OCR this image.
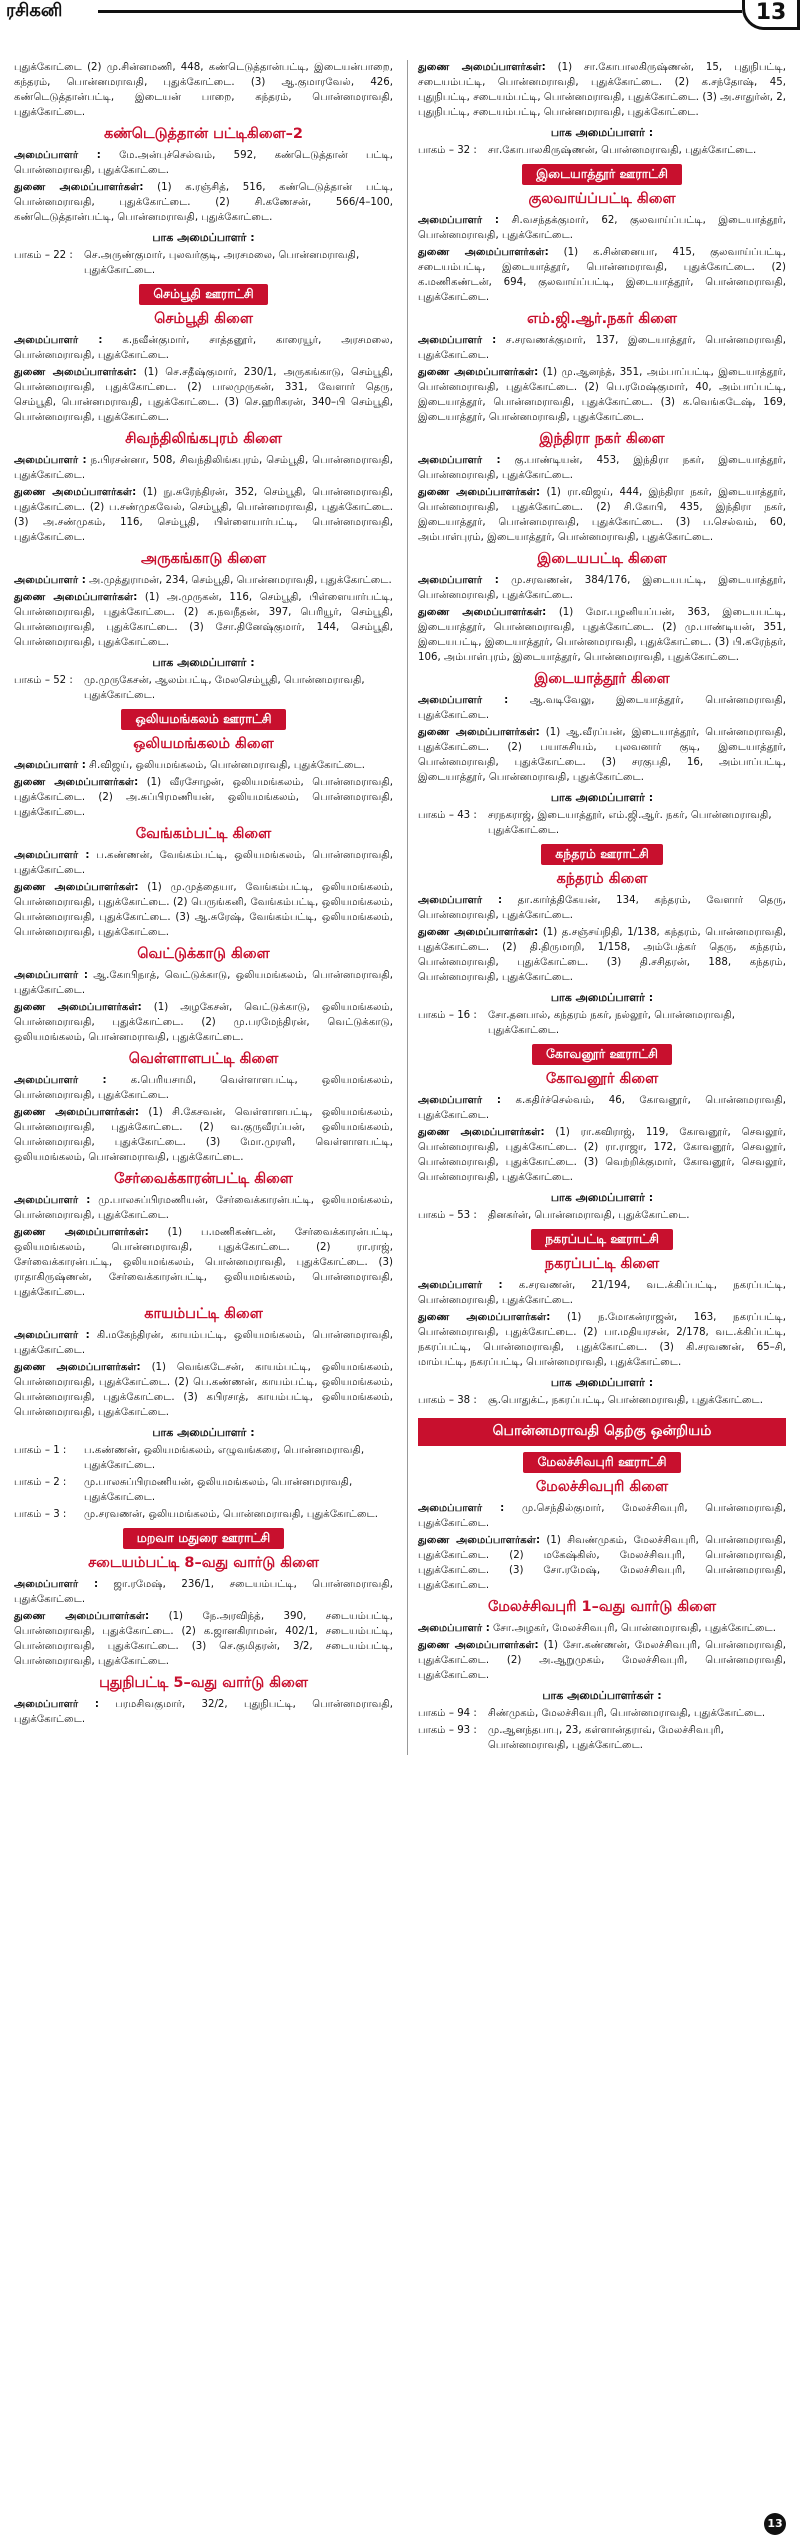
ரசிகனி	13
புதுக்கோட்டை (2) மு.சின்னமணி, 448, கண்டெடுத்தான்பட்டி, இடையன்பாறை, கந்தரம், பொன்னமராவதி, புதுக்கோட்டை. (3) ஆ.குமாரவேல், 426, கண்டெடுத்தான்பட்டி, இடையன் பாறை, கந்தரம், பொன்னமராவதி, புதுக்கோட்டை.
கண்டெடுத்தான் பட்டிகிளை–2
அமைப்பாளர் : மே.அன்புச்செல்வம், 592, கண்டெடுத்தான் பட்டி, பொன்னமராவதி, புதுக்கோட்டை.
துணை அமைப்பாளர்கள்: (1) க.ரஞ்சித், 516, கண்டெடுத்தான் பட்டி, பொன்னமராவதி, புதுக்கோட்டை. (2) சி.கணேசன், 566/4–100, கண்டெடுத்தான்பட்டி, பொன்னமராவதி, புதுக்கோட்டை.
பாக அமைப்பாளர் :
பாகம் – 22 :	செ.அருண்குமார், புலவர்குடி, அரசமலை, பொன்னமராவதி, புதுக்கோட்டை.
செம்பூதி ஊராட்சி
செம்பூதி கிளை
அமைப்பாளர் : க.நவீன்குமார், சாத்தனூர், காரையூர், அரசமலை, பொன்னமராவதி, புதுக்கோட்டை.
துணை அமைப்பாளர்கள்: (1) செ.சதீஷ்குமார், 230/1, அருகங்காடு, செம்பூதி, பொன்னமராவதி, புதுக்கோட்டை. (2) பாலமுருகன், 331, வேளார் தெரு, செம்பூதி, பொன்னமராவதி, புதுக்கோட்டை. (3) செ.ஹரிகரன், 340–பி செம்பூதி, பொன்னமராவதி, புதுக்கோட்டை.
சிவந்திலிங்கபுரம் கிளை
அமைப்பாளர் : ந.பிரசன்னா, 508, சிவந்திலிங்கபுரம், செம்பூதி, பொன்னமராவதி, புதுக்கோட்டை.
துணை அமைப்பாளர்கள்: (1) நு.சுரேந்திரன், 352, செம்பூதி, பொன்னமராவதி, புதுக்கோட்டை. (2) ப.சண்முகவேல், செம்பூதி, பொன்னமராவதி, புதுக்கோட்டை. (3) அ.சண்முகம், 116, செம்பூதி, பிள்ளையார்பட்டி, பொன்னமராவதி, புதுக்கோட்டை.
அருகங்காடு கிளை
அமைப்பாளர் : அ.முத்துராமன், 234, செம்பூதி, பொன்னமராவதி, புதுக்கோட்டை.
துணை அமைப்பாளர்கள்: (1) அ.முருகன், 116, செம்பூதி, பிள்ளையார்பட்டி, பொன்னமராவதி, புதுக்கோட்டை. (2) க.நவநீதன், 397, பெரியூர், செம்பூதி, பொன்னமராவதி, புதுக்கோட்டை. (3) சோ.தினேஷ்குமார், 144, செம்பூதி, பொன்னமராவதி, புதுக்கோட்டை.
பாக அமைப்பாளர் :
பாகம் – 52 :	மு.முருகேசன், ஆலம்பட்டி, மேலசெம்பூதி, பொன்னமராவதி, புதுக்கோட்டை.
ஒலியமங்கலம் ஊராட்சி
ஒலியமங்கலம் கிளை
அமைப்பாளர் : சி.விஜய், ஒலியமங்கலம், பொன்னமராவதி, புதுக்கோட்டை.
துணை அமைப்பாளர்கள்: (1) வீரசோழன், ஒலியமங்கலம், பொன்னமராவதி, புதுக்கோட்டை. (2) அ.சுப்பிரமணியன், ஒலியமங்கலம், பொன்னமராவதி, புதுக்கோட்டை.
வேங்கம்பட்டி கிளை
அமைப்பாளர் : ப.கண்ணன், வேங்கம்பட்டி, ஒலியமங்கலம், பொன்னமராவதி, புதுக்கோட்டை.
துணை அமைப்பாளர்கள்: (1) மு.முத்தையா, வேங்கம்பட்டி, ஒலியமங்கலம், பொன்னமராவதி, புதுக்கோட்டை. (2) பெருங்கனி, வேங்கம்பட்டி, ஒலியமங்கலம், பொன்னமராவதி, புதுக்கோட்டை. (3) ஆ.சுரேஷ், வேங்கம்பட்டி, ஒலியமங்கலம், பொன்னமராவதி, புதுக்கோட்டை.
வெட்டுக்காடு கிளை
அமைப்பாளர் : ஆ.கோபிநாத், வெட்டுக்காடு, ஒலியமங்கலம், பொன்னமராவதி, புதுக்கோட்டை.
துணை அமைப்பாளர்கள்: (1) அழகேசன், வெட்டுக்காடு, ஒலியமங்கலம், பொன்னமராவதி, புதுக்கோட்டை. (2) மு.பரமேந்திரன், வெட்டுக்காடு, ஒலியமங்கலம், பொன்னமராவதி, புதுக்கோட்டை.
வெள்ளாளபட்டி கிளை
அமைப்பாளர் : க.பெரியசாமி, வெள்ளாளபட்டி, ஒலியமங்கலம், பொன்னமராவதி, புதுக்கோட்டை.
துணை அமைப்பாளர்கள்: (1) சி.கேசவன், வெள்ளாளபட்டி, ஒலியமங்கலம், பொன்னமராவதி, புதுக்கோட்டை. (2) வ.குருவீரப்பன், ஒலியமங்கலம், பொன்னமராவதி, புதுக்கோட்டை. (3) மோ.முரளி, வெள்ளாளபட்டி, ஒலியமங்கலம், பொன்னமராவதி, புதுக்கோட்டை.
சேர்வைக்காரன்பட்டி கிளை
அமைப்பாளர் : மு.பாலசுப்பிரமணியன், சேர்வைக்காரன்பட்டி, ஒலியமங்கலம், பொன்னமராவதி, புதுக்கோட்டை.
துணை அமைப்பாளர்கள்: (1) ப.மணிகண்டன், சேர்வைக்காரன்பட்டி, ஒலியமங்கலம், பொன்னமராவதி, புதுக்கோட்டை. (2) ரா.ராஜ், சேர்வைக்காரன்பட்டி, ஒலியமங்கலம், பொன்னமராவதி, புதுக்கோட்டை. (3) ராதாகிருஷ்ணன், சேர்வைக்காரன்பட்டி, ஒலியமங்கலம், பொன்னமராவதி, புதுக்கோட்டை.
காயம்பட்டி கிளை
அமைப்பாளர் : கி.மகேந்திரன், காயம்பட்டி, ஒலியமங்கலம், பொன்னமராவதி, புதுக்கோட்டை.
துணை அமைப்பாளர்கள்: (1) வெங்கடேசன், காயம்பட்டி, ஒலியமங்கலம், பொன்னமராவதி, புதுக்கோட்டை. (2) பெ.கண்ணன், காயம்பட்டி, ஒலியமங்கலம், பொன்னமராவதி, புதுக்கோட்டை. (3) கபிரசாத், காயம்பட்டி, ஒலியமங்கலம், பொன்னமராவதி, புதுக்கோட்டை.
பாக அமைப்பாளர் :
பாகம் – 1 :	ப.கண்ணன், ஒலியமங்கலம், எழுவங்கரை, பொன்னமராவதி, புதுக்கோட்டை.
பாகம் – 2 :	மு.பாலசுப்பிரமணியன், ஒலியமங்கலம், பொன்னமராவதி, புதுக்கோட்டை.
பாகம் – 3 :	மு.சரவணன், ஒலியமங்கலம், பொன்னமராவதி, புதுக்கோட்டை.
மறவா மதுரை ஊராட்சி
சடையம்பட்டி 8–வது வார்டு கிளை
அமைப்பாளர் : ஜா.ரமேஷ், 236/1, சடையம்பட்டி, பொன்னமராவதி, புதுக்கோட்டை.
துணை அமைப்பாளர்கள்: (1) நே.அரவிந்த், 390, சடையம்பட்டி, பொன்னமராவதி, புதுக்கோட்டை. (2) க.ஜானகிராமன், 402/1, சடையம்பட்டி, பொன்னமராவதி, புதுக்கோட்டை. (3) செ.குமிதரன், 3/2, சடையம்பட்டி, பொன்னமராவதி, புதுக்கோட்டை.
புதுநிபட்டி 5–வது வார்டு கிளை
அமைப்பாளர் : பரமசிவகுமார், 32/2, புதுநிபட்டி, பொன்னமராவதி, புதுக்கோட்டை.
துணை அமைப்பாளர்கள்: (1) சா.கோபாலகிருஷ்ணன், 15, புதுநிபட்டி, சடையம்பட்டி, பொன்னமராவதி, புதுக்கோட்டை. (2) க.சந்தோஷ், 45, புதுநிபட்டி, சடையம்பட்டி, பொன்னமராவதி, புதுக்கோட்டை. (3) அ.சாதுர்ன், 2, புதுநிபட்டி, சடையம்பட்டி, பொன்னமராவதி, புதுக்கோட்டை.
பாக அமைப்பாளர் :
பாகம் – 32 :	சா.கோபாலகிருஷ்ணன், பொன்னமராவதி, புதுக்கோட்டை.
இடையாத்தூர் ஊராட்சி
குலவாய்ப்பட்டி கிளை
அமைப்பாளர் : சி.வசந்தக்குமார், 62, குலவாய்ப்பட்டி, இடையாத்தூர், பொன்னமராவதி, புதுக்கோட்டை.
துணை அமைப்பாளர்கள்: (1) க.சின்னையா, 415, குலவாய்ப்பட்டி, சடையம்பட்டி, இடையாத்தூர், பொன்னமராவதி, புதுக்கோட்டை. (2) க.மணிகண்டன், 694, குலவாய்ப்பட்டி, இடையாத்தூர், பொன்னமராவதி, புதுக்கோட்டை.
எம்.ஜி.ஆர்.நகர் கிளை
அமைப்பாளர் : ச.சரவணக்குமார், 137, இடையாத்தூர், பொன்னமராவதி, புதுக்கோட்டை.
துணை அமைப்பாளர்கள்: (1) மு.ஆனந்த், 351, அம்பாப்பட்டி, இடையாத்தூர், பொன்னமராவதி, புதுக்கோட்டை. (2) பெ.ரமேஷ்குமார், 40, அம்பாப்பட்டி, இடையாத்தூர், பொன்னமராவதி, புதுக்கோட்டை. (3) க.வெங்கடேஷ், 169, இடையாத்தூர், பொன்னமராவதி, புதுக்கோட்டை.
இந்திரா நகர் கிளை
அமைப்பாளர் : கு.பாண்டியன், 453, இந்திரா நகர், இடையாத்தூர், பொன்னமராவதி, புதுக்கோட்டை.
துணை அமைப்பாளர்கள்: (1) ரா.விஜய், 444, இந்திரா நகர், இடையாத்தூர், பொன்னமராவதி, புதுக்கோட்டை. (2) சி.கோபி, 435, இந்திரா நகர், இடையாத்தூர், பொன்னமராவதி, புதுக்கோட்டை. (3) ப.செல்வம், 60, அம்பாள்புரம், இடையாத்தூர், பொன்னமராவதி, புதுக்கோட்டை.
இடையபட்டி கிளை
அமைப்பாளர் : மு.சரவணன், 384/176, இடையபட்டி, இடையாத்தூர், பொன்னமராவதி, புதுக்கோட்டை.
துணை அமைப்பாளர்கள்: (1) மோ.பழனியப்பன், 363, இடையபட்டி, இடையாத்தூர், பொன்னமராவதி, புதுக்கோட்டை. (2) மு.பாண்டியன், 351, இடையபட்டி, இடையாத்தூர், பொன்னமராவதி, புதுக்கோட்டை. (3) பி.கரேந்தர், 106, அம்பாள்புரம், இடையாத்தூர், பொன்னமராவதி, புதுக்கோட்டை.
இடையாத்தூர் கிளை
அமைப்பாளர் : ஆ.வடிவேலு, இடையாத்தூர், பொன்னமராவதி, புதுக்கோட்டை.
துணை அமைப்பாளர்கள்: (1) ஆ.வீரப்பன், இடையாத்தூர், பொன்னமராவதி, புதுக்கோட்டை. (2) பயாசுசியம், புலவனார் குடி, இடையாத்தூர், பொன்னமராவதி, புதுக்கோட்டை. (3) சரகுபதி, 16, அம்பாப்பட்டி, இடையாத்தூர், பொன்னமராவதி, புதுக்கோட்டை.
பாக அமைப்பாளர் :
பாகம் – 43 :	சரநகராஜ், இடையாத்தூர், எம்.ஜி.ஆர். நகர், பொன்னமராவதி, புதுக்கோட்டை.
கந்தரம் ஊராட்சி
கந்தரம் கிளை
அமைப்பாளர் : தா.கார்த்திகேயன், 134, கந்தரம், வேளார் தெரு, பொன்னமராவதி, புதுக்கோட்டை.
துணை அமைப்பாளர்கள்: (1) த.சஞ்சய்நிதி, 1/138, கந்தரம், பொன்னமராவதி, புதுக்கோட்டை. (2) தி.திருமாறி, 1/158, அம்பேத்கர் தெரு, கந்தரம், பொன்னமராவதி, புதுக்கோட்டை. (3) தி.சசிதரன், 188, கந்தரம், பொன்னமராவதி, புதுக்கோட்டை.
பாக அமைப்பாளர் :
பாகம் – 16 :	சோ.தனபால், கந்தரம் நகர், நல்லூர், பொன்னமராவதி, புதுக்கோட்டை.
கோவனூர் ஊராட்சி
கோவனூர் கிளை
அமைப்பாளர் : க.கதிர்ச்செல்வம், 46, கோவனூர், பொன்னமராவதி, புதுக்கோட்டை.
துணை அமைப்பாளர்கள்: (1) ரா.கவிராஜ், 119, கோவனூர், செவலூர், பொன்னமராவதி, புதுக்கோட்டை. (2) ரா.ராஜா, 172, கோவனூர், செவலூர், பொன்னமராவதி, புதுக்கோட்டை. (3) வெற்றிக்குமார், கோவனூர், செவலூர், பொன்னமராவதி, புதுக்கோட்டை.
பாக அமைப்பாளர் :
பாகம் – 53 :	தினகர்ன், பொன்னமராவதி, புதுக்கோட்டை.
நகரப்பட்டி ஊராட்சி
நகரப்பட்டி கிளை
அமைப்பாளர் : க.சரவணன், 21/194, வட.க்கிப்பட்டி, நகரப்பட்டி, பொன்னமராவதி, புதுக்கோட்டை.
துணை அமைப்பாளர்கள்: (1) ந.மோகன்ராஜன், 163, நகரப்பட்டி, பொன்னமராவதி, புதுக்கோட்டை. (2) பா.மதியரசன், 2/178, வட.க்கிப்பட்டி, நகரப்பட்டி, பொன்னமராவதி, புதுக்கோட்டை. (3) கி.சரவணன், 65–சி, மாம்பட்டி, நகரப்பட்டி, பொன்னமராவதி, புதுக்கோட்டை.
பாக அமைப்பாளர் :
பாகம் – 38 :	சூ.பொதுக்ட், நகரப்பட்டி, பொன்னமராவதி, புதுக்கோட்டை.
பொன்னமராவதி தெற்கு ஒன்றியம்
மேலச்சிவபுரி ஊராட்சி
மேலச்சிவபுரி கிளை
அமைப்பாளர் : மு.செந்தில்குமார், மேலச்சிவபுரி, பொன்னமராவதி, புதுக்கோட்டை.
துணை அமைப்பாளர்கள்: (1) சிவண்முகம், மேலச்சிவபுரி, பொன்னமராவதி, புதுக்கோட்டை. (2) மகேஷ்கிஸ், மேலச்சிவபுரி, பொன்னமராவதி, புதுக்கோட்டை. (3) சோ.ரமேஷ், மேலச்சிவபுரி, பொன்னமராவதி, புதுக்கோட்டை.
மேலச்சிவபுரி 1–வது வார்டு கிளை
அமைப்பாளர் : சோ.அழகர், மேலச்சிவபுரி, பொன்னமராவதி, புதுக்கோட்டை.
துணை அமைப்பாளர்கள்: (1) சோ.கண்ணன், மேலச்சிவபுரி, பொன்னமராவதி, புதுக்கோட்டை. (2) அ.ஆறுமுகம், மேலச்சிவபுரி, பொன்னமராவதி, புதுக்கோட்டை.
பாக அமைப்பாளர்கள் :
பாகம் – 94 :	சிண்முகம், மேலச்சிவபுரி, பொன்னமராவதி, புதுக்கோட்டை.
பாகம் – 93 :	மு.ஆனந்தபாபு, 23, கள்ளான்தராவ், மேலச்சிவபுரி, பொன்னமராவதி, புதுக்கோட்டை.
13
